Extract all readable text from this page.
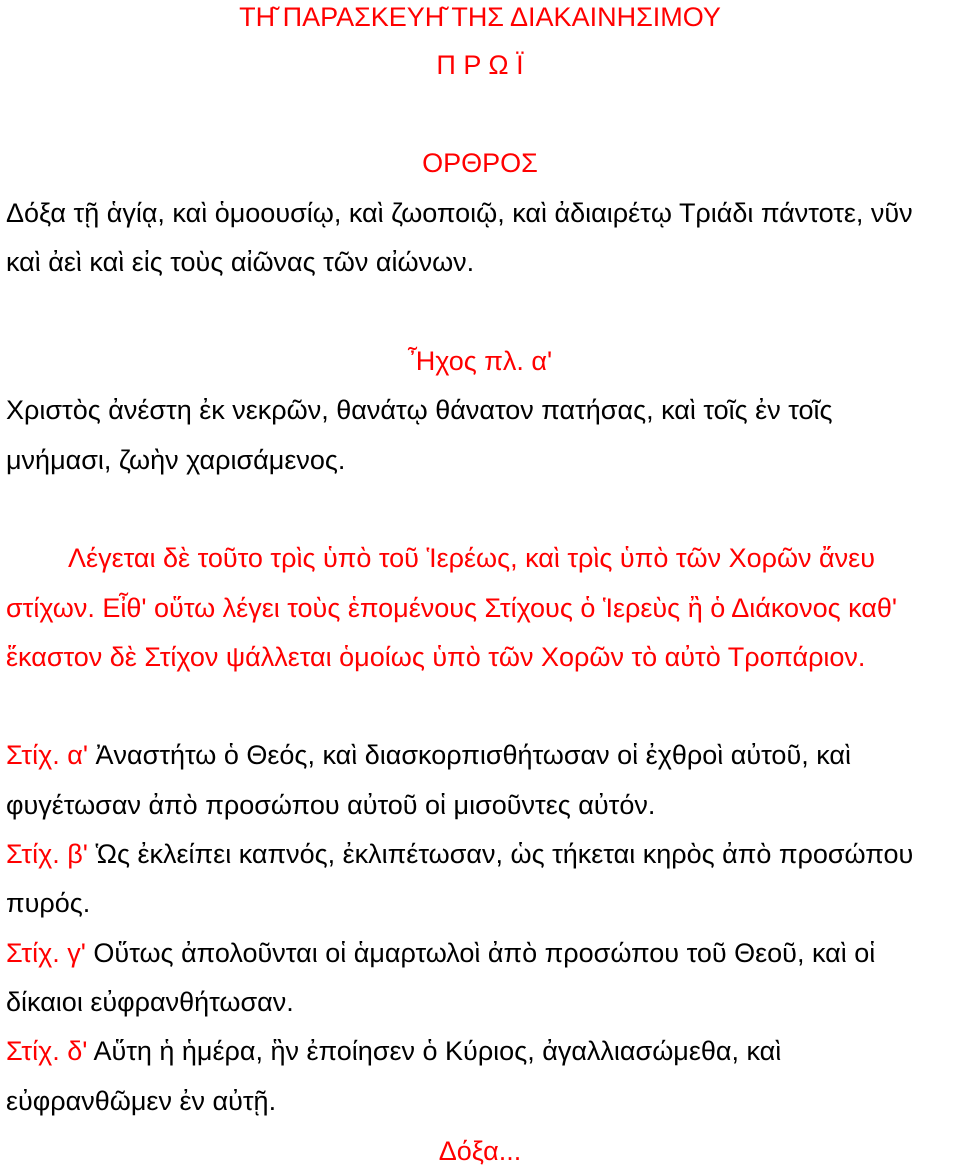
ΤΗ͂ ΠΑΡΑΣΚΕΥΗ͂ ΤΗΣ ΔΙΑΚΑΙΝΗΣΙΜΟΥ
Π Ρ Ω Ϊ
ΟΡΘΡΟΣ
Δόξα τῇ ἁγίᾳ, καὶ ὁμοουσίῳ, καὶ ζωοποιῷ, καὶ ἀδιαιρέτῳ Τριάδι πάντοτε, νῦν
καὶ ἀεὶ καὶ εἰς τοὺς αἰῶνας τῶν αἰώνων.
Ἦχος πλ. α'
Χριστὸς ἀνέστη ἐκ νεκρῶν, θανάτῳ θάνατον πατήσας, καὶ τοῖς ἐν τοῖς
μνήμασι, ζωὴν χαρισάμενος.
Λέγεται δὲ τοῦτο τρὶς ὑπὸ τοῦ Ἱερέως, καὶ τρὶς ὑπὸ τῶν Χορῶν ἄνευ
στίχων. Εἶθ' οὕτω λέγει τοὺς ἑπομένους Στίχους ὁ Ἱερεὺς ἢ ὁ Διάκονος καθ'
ἕκαστον δὲ Στίχον ψάλλεται ὁμοίως ὑπὸ τῶν Χορῶν τὸ αὐτὸ Τροπάριον.
Στίχ. α' Ἀναστήτω ὁ Θεός, καὶ διασκορπισθήτωσαν οἱ ἐχθροὶ αὐτοῦ, καὶ
φυγέτωσαν ἀπὸ προσώπου αὐτοῦ οἱ μισοῦντες αὐτόν.
Στίχ. β' Ὡς ἐκλείπει καπνός, ἐκλιπέτωσαν, ὡς τήκεται κηρὸς ἀπὸ προσώπου
πυρός.
Στίχ. γ' Οὕτως ἀπολοῦνται οἱ ἁμαρτωλοὶ ἀπὸ προσώπου τοῦ Θεοῦ, καὶ οἱ
δίκαιοι εὐφρανθήτωσαν.
Στίχ. δ' Αὕτη ἡ ἡμέρα, ἣν ἐποίησεν ὁ Κύριος, ἀγαλλιασώμεθα, καὶ
εὐφρανθῶμεν ἐν αὐτῇ.
Δόξα...
